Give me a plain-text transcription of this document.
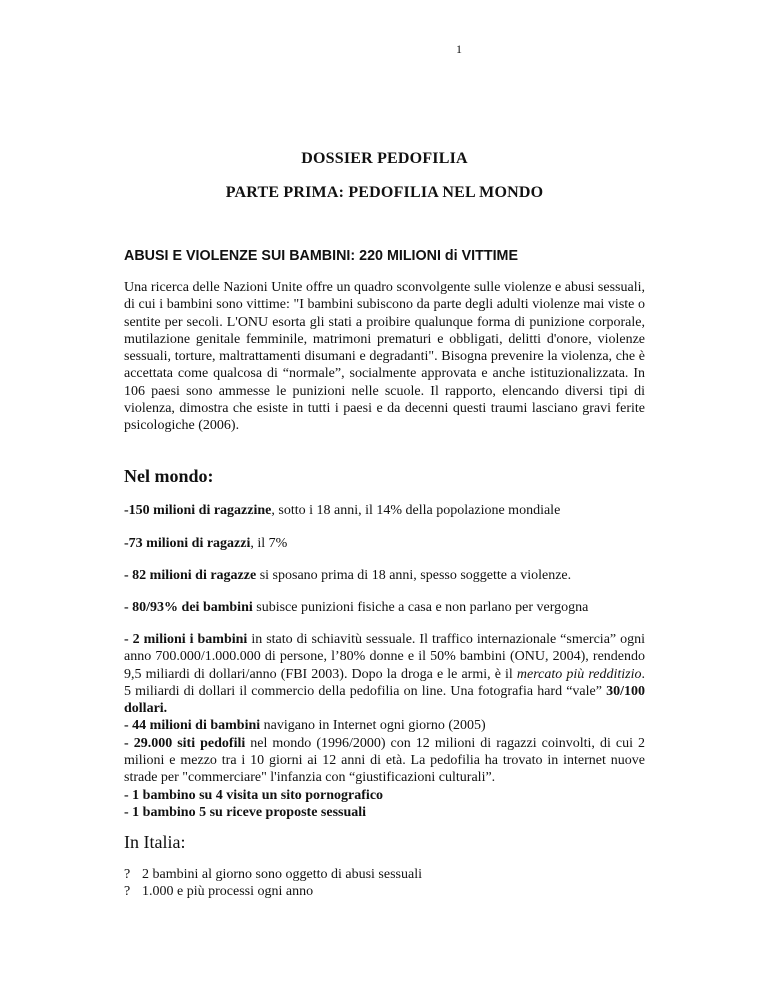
1
DOSSIER PEDOFILIA
PARTE PRIMA: PEDOFILIA NEL MONDO
ABUSI E VIOLENZE SUI BAMBINI: 220 MILIONI di VITTIME
Una ricerca delle Nazioni Unite offre un quadro sconvolgente sulle violenze e abusi sessuali, di cui i bambini sono vittime: "I bambini subiscono da parte degli adulti violenze mai viste o sentite per secoli. L'ONU esorta gli stati a proibire qualunque forma di punizione corporale, mutilazione genitale femminile, matrimoni prematuri e obbligati, delitti d'onore, violenze sessuali, torture, maltrattamenti disumani e degradanti". Bisogna prevenire la violenza, che è accettata come qualcosa di “normale”, socialmente approvata e anche istituzionalizzata. In 106 paesi sono ammesse le punizioni nelle scuole. Il rapporto, elencando diversi tipi di violenza, dimostra che esiste in tutti i paesi e da decenni questi traumi lasciano gravi ferite psicologiche (2006).
Nel mondo:
-150 milioni di ragazzine, sotto i 18 anni, il 14% della popolazione mondiale
-73 milioni di ragazzi, il 7%
- 82 milioni di ragazze si sposano prima di 18 anni, spesso soggette a violenze.
- 80/93% dei bambini subisce punizioni fisiche a casa e non parlano per vergogna

- 2 milioni i bambini in stato di schiavitù sessuale. Il traffico internazionale “smercia” ogni anno 700.000/1.000.000 di persone, l’80% donne e il 50% bambini (ONU, 2004), rendendo 9,5 miliardi di dollari/anno (FBI 2003). Dopo la droga e le armi, è il mercato più redditizio. 5 miliardi di dollari il commercio della pedofilia on line. Una fotografia hard “vale” 30/100 dollari.

- 44 milioni di bambini navigano in Internet ogni giorno (2005)

- 29.000 siti pedofili nel mondo (1996/2000) con 12 milioni di ragazzi coinvolti, di cui 2 milioni e mezzo tra i 10 giorni ai 12 anni di età. La pedofilia ha trovato in internet nuove strade per "commerciare" l'infanzia con “giustificazioni culturali”.

- 1 bambino su 4 visita un sito pornografico

- 1 bambino 5 su riceve proposte sessuali

In Italia:
? 2 bambini al giorno sono oggetto di abusi sessuali
? 1.000 e più processi ogni anno
